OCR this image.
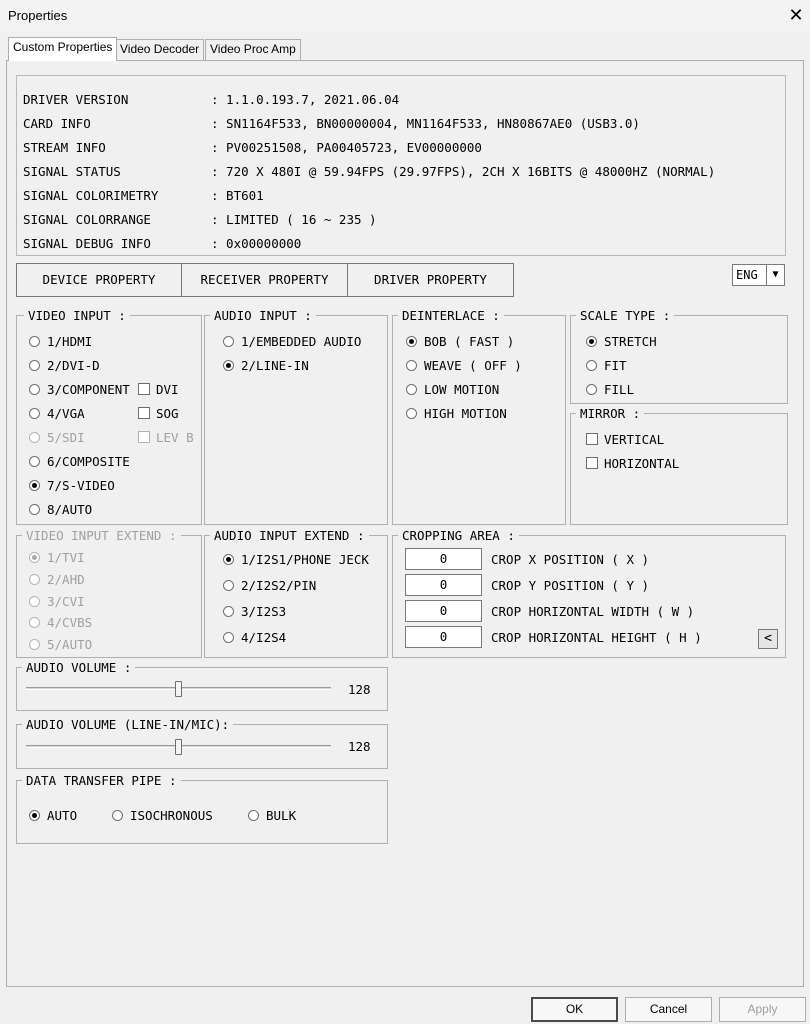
Properties	✕
Custom Properties Video Decoder Video Proc Amp
DRIVER VERSION	: 1.1.0.193.7, 2021.06.04
CARD INFO	: SN1164F533, BN00000004, MN1164F533, HN80867AE0 (USB3.0)
STREAM INFO	: PV00251508, PA00405723, EV00000000
SIGNAL STATUS	: 720 X 480I @ 59.94FPS (29.97FPS), 2CH X 16BITS @ 48000HZ (NORMAL)
SIGNAL COLORIMETRY	: BT601
SIGNAL COLORRANGE	: LIMITED ( 16 ~ 235 )
SIGNAL DEBUG INFO	: 0x00000000
DEVICE PROPERTY	RECEIVER PROPERTY	DRIVER PROPERTY	ENG	▼
VIDEO INPUT :
1/HDMI
2/DVI-D
3/COMPONENT
4/VGA
5/SDI
6/COMPOSITE
7/S-VIDEO
8/AUTO
DVI
SOG
LEV B
AUDIO INPUT :
1/EMBEDDED AUDIO
2/LINE-IN
DEINTERLACE :
BOB ( FAST )
WEAVE ( OFF )
LOW MOTION
HIGH MOTION
SCALE TYPE :
STRETCH
FIT
FILL
MIRROR :
VERTICAL
HORIZONTAL
VIDEO INPUT EXTEND :
1/TVI
2/AHD
3/CVI
4/CVBS
5/AUTO
AUDIO INPUT EXTEND :
1/I2S1/PHONE JECK
2/I2S2/PIN
3/I2S3
4/I2S4
CROPPING AREA :
0	CROP X POSITION ( X )
0	CROP Y POSITION ( Y )
0	CROP HORIZONTAL WIDTH ( W )
0	CROP HORIZONTAL HEIGHT ( H )	<
AUDIO VOLUME :
128
AUDIO VOLUME (LINE-IN/MIC):
128
DATA TRANSFER PIPE :
AUTO	ISOCHRONOUS	BULK
OK	Cancel	Apply
